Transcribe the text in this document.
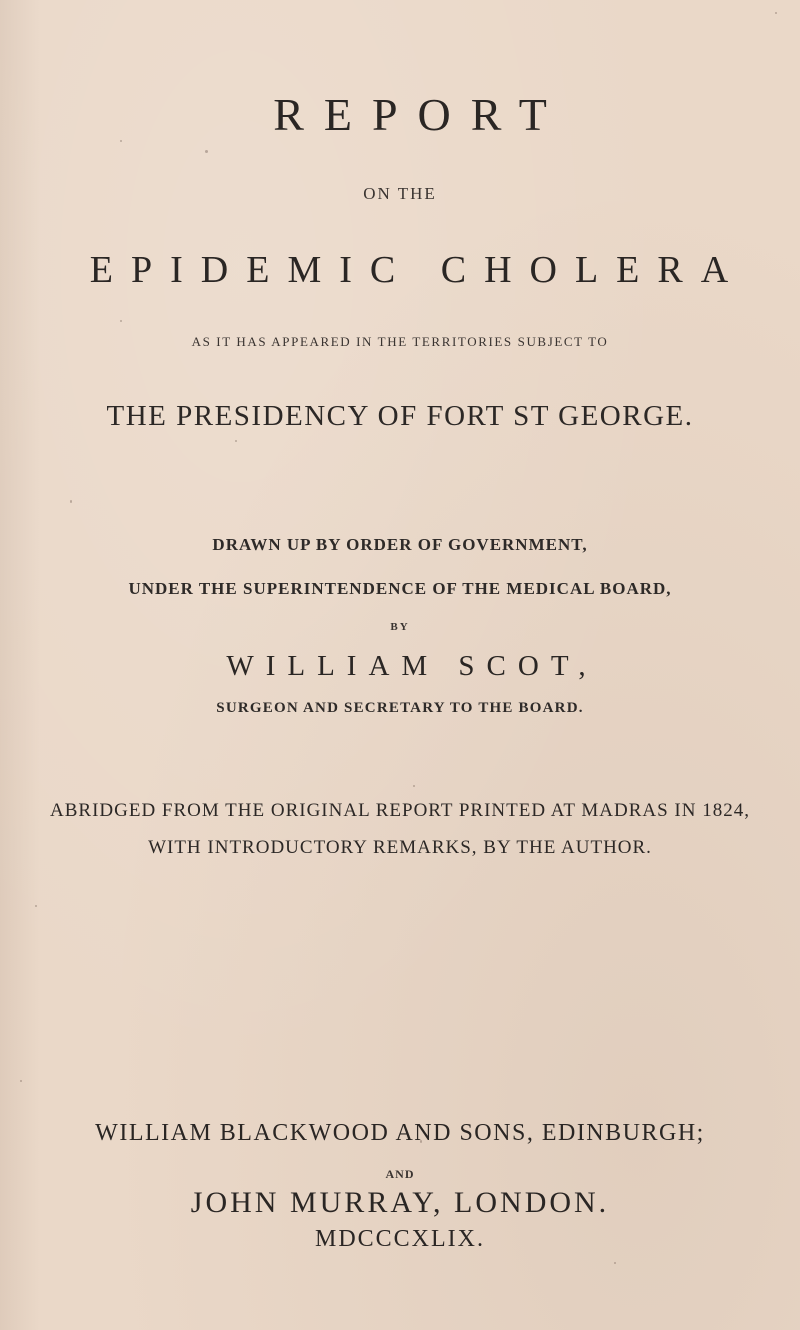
REPORT
ON THE
EPIDEMIC CHOLERA
AS IT HAS APPEARED IN THE TERRITORIES SUBJECT TO
THE PRESIDENCY OF FORT ST GEORGE.
DRAWN UP BY ORDER OF GOVERNMENT,
UNDER THE SUPERINTENDENCE OF THE MEDICAL BOARD,
BY
WILLIAM SCOT,
SURGEON AND SECRETARY TO THE BOARD.
ABRIDGED FROM THE ORIGINAL REPORT PRINTED AT MADRAS IN 1824,
WITH INTRODUCTORY REMARKS, BY THE AUTHOR.
WILLIAM BLACKWOOD AND SONS, EDINBURGH;
AND
JOHN MURRAY, LONDON.
MDCCCXLIX.
